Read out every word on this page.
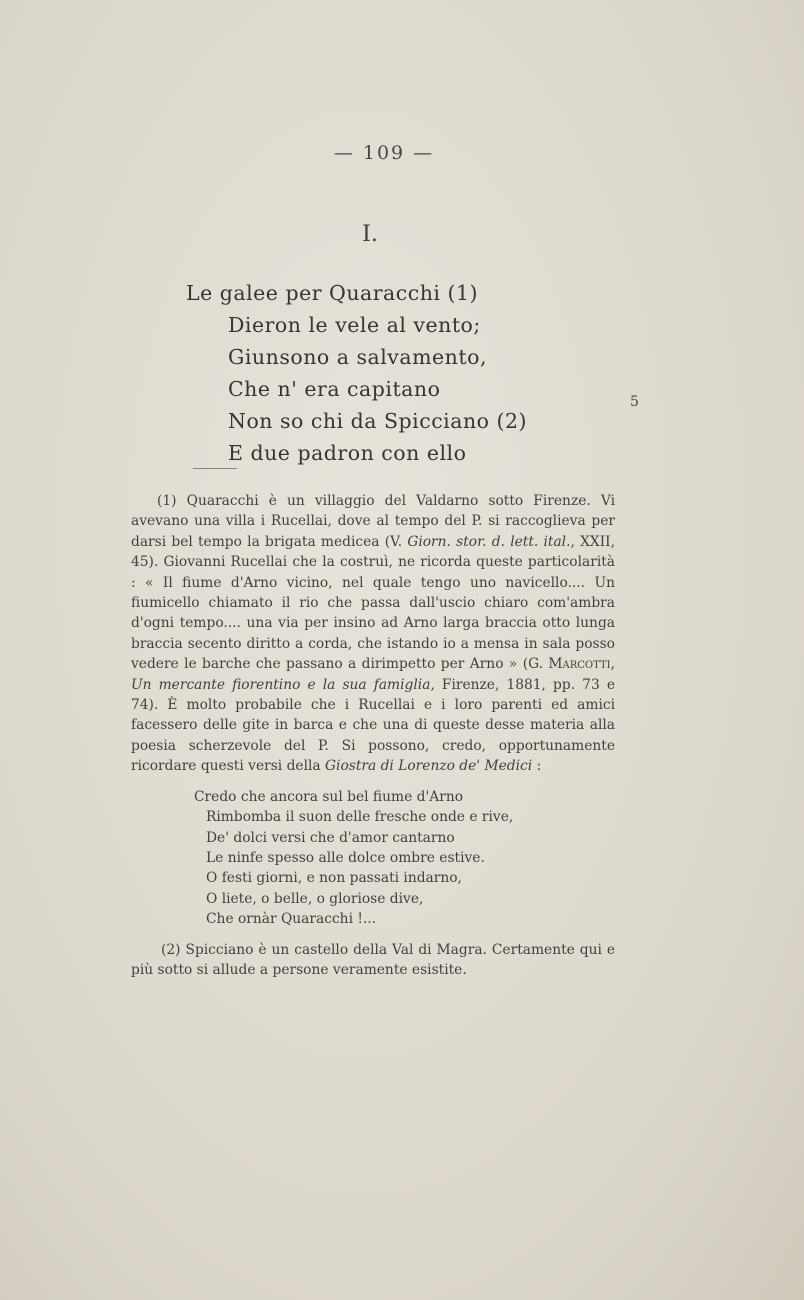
— 109 —
I.
Le galee per Quaracchi (1)
Dieron le vele al vento;
Giunsono a salvamento,
Che n' era capitano
Non so chi da Spicciano (2)
E due padron con ello
5

(1) Quaracchi è un villaggio del Valdarno sotto Firenze. Vi avevano una villa i Rucellai, dove al tempo del P. si raccoglieva per darsi bel tempo la brigata medicea (V. Giorn. stor. d. lett. ital., XXII, 45). Giovanni Rucellai che la costruì, ne ricorda queste particolarità : « Il fiume d'Arno vicino, nel quale tengo uno navicello.... Un fiumicello chiamato il rio che passa dall'uscio chiaro com'ambra d'ogni tempo.... una via per insino ad Arno larga braccia otto lunga braccia secento diritto a corda, che istando io a mensa in sala posso vedere le barche che passano a dirimpetto per Arno » (G. Marcotti, Un mercante fiorentino e la sua famiglia, Firenze, 1881, pp. 73 e 74). È molto probabile che i Rucellai e i loro parenti ed amici facessero delle gite in barca e che una di queste desse materia alla poesia scherzevole del P. Si possono, credo, opportunamente ricordare questi versi della Giostra di Lorenzo de' Medici :

Credo che ancora sul bel fiume d'Arno
Rimbomba il suon delle fresche onde e rive,
De' dolci versi che d'amor cantarno
Le ninfe spesso alle dolce ombre estive.
O festi giorni, e non passati indarno,
O liete, o belle, o gloriose dive,
Che ornàr Quaracchi !...

(2) Spicciano è un castello della Val di Magra. Certamente qui e più sotto si allude a persone veramente esistite.
